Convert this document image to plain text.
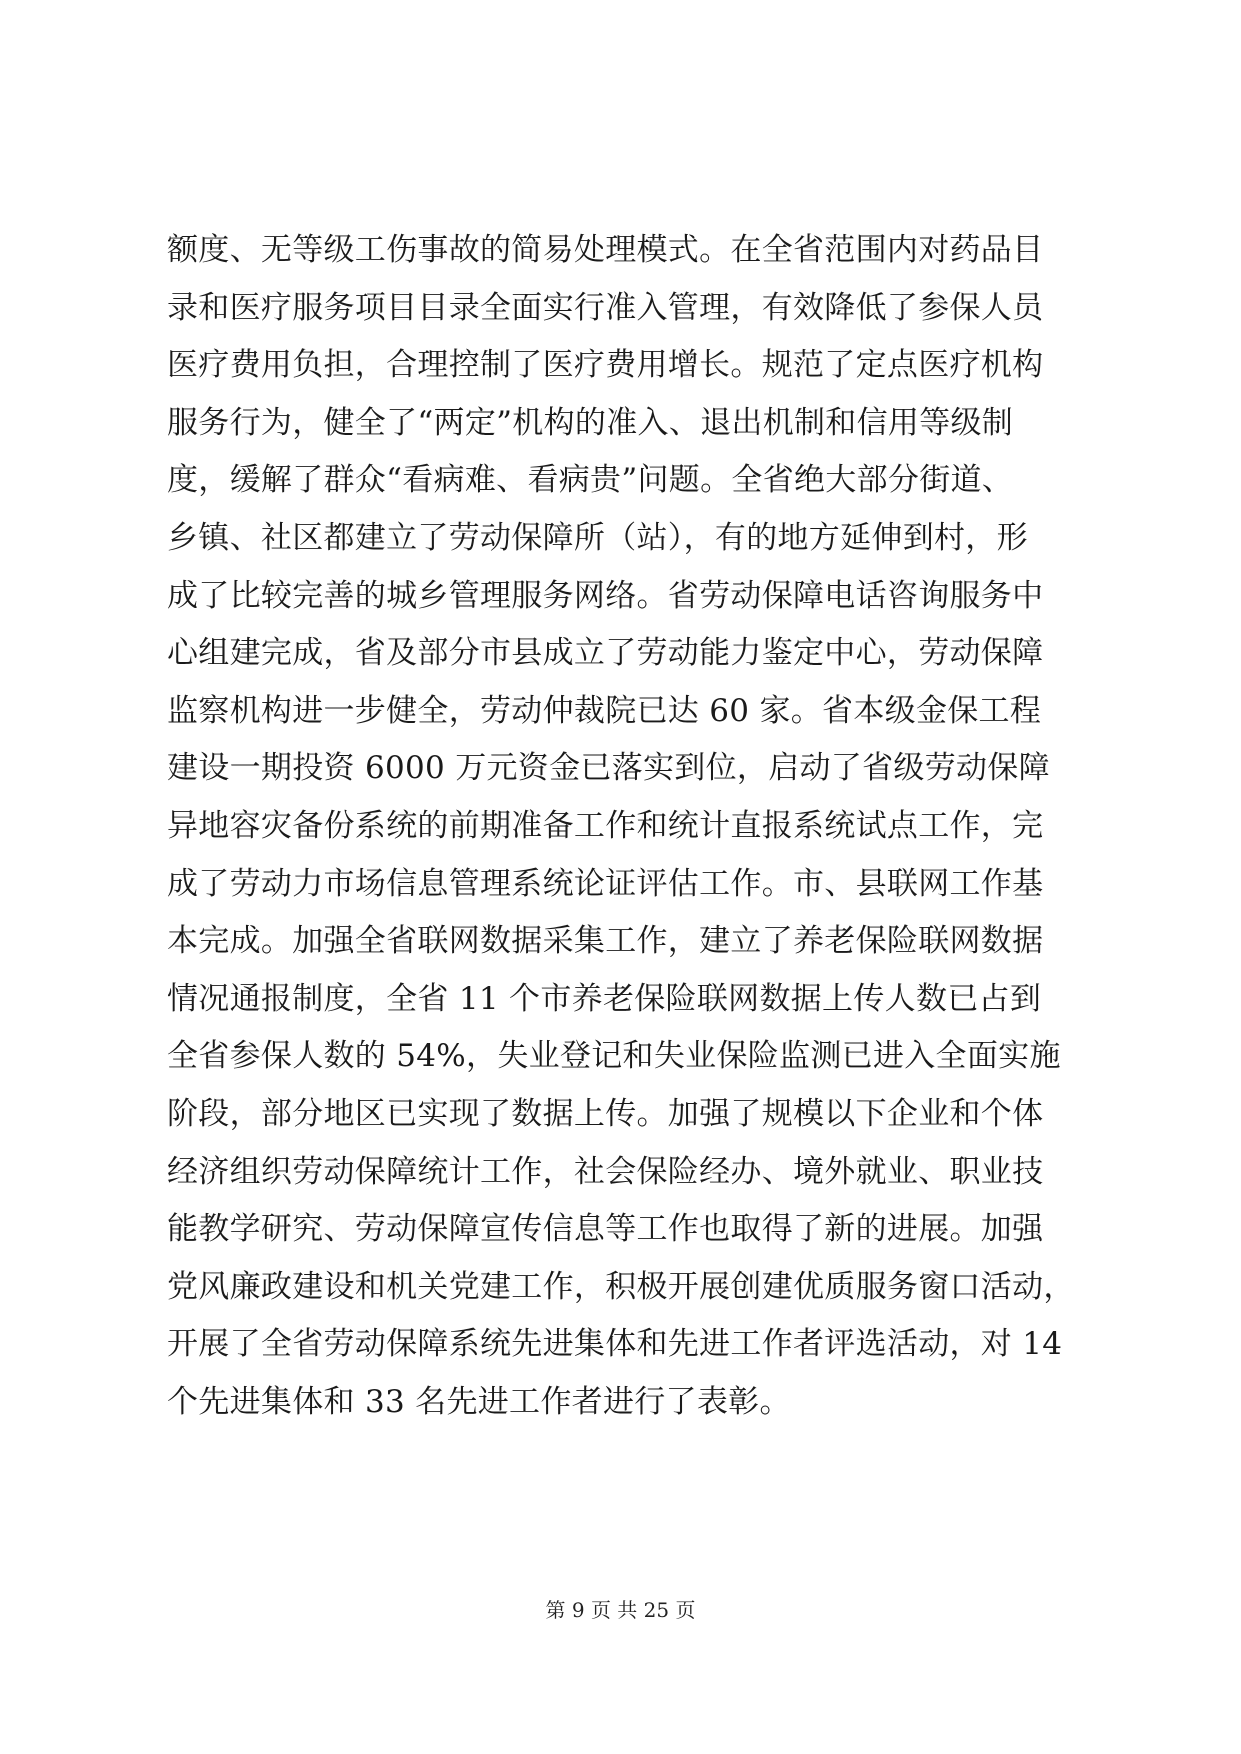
额度、无等级工伤事故的简易处理模式。在全省范围内对药品目
录和医疗服务项目目录全面实行准入管理，有效降低了参保人员
医疗费用负担，合理控制了医疗费用增长。规范了定点医疗机构
服务行为，健全了“两定”机构的准入、退出机制和信用等级制
度，缓解了群众“看病难、看病贵”问题。全省绝大部分街道、
乡镇、社区都建立了劳动保障所（站），有的地方延伸到村，形
成了比较完善的城乡管理服务网络。省劳动保障电话咨询服务中
心组建完成，省及部分市县成立了劳动能力鉴定中心，劳动保障
监察机构进一步健全，劳动仲裁院已达 60 家。省本级金保工程
建设一期投资 6000 万元资金已落实到位，启动了省级劳动保障
异地容灾备份系统的前期准备工作和统计直报系统试点工作，完
成了劳动力市场信息管理系统论证评估工作。市、县联网工作基
本完成。加强全省联网数据采集工作，建立了养老保险联网数据
情况通报制度，全省 11 个市养老保险联网数据上传人数已占到
全省参保人数的 54%，失业登记和失业保险监测已进入全面实施
阶段，部分地区已实现了数据上传。加强了规模以下企业和个体
经济组织劳动保障统计工作，社会保险经办、境外就业、职业技
能教学研究、劳动保障宣传信息等工作也取得了新的进展。加强
党风廉政建设和机关党建工作，积极开展创建优质服务窗口活动，
开展了全省劳动保障系统先进集体和先进工作者评选活动，对 14
个先进集体和 33 名先进工作者进行了表彰。
第 9 页 共 25 页
